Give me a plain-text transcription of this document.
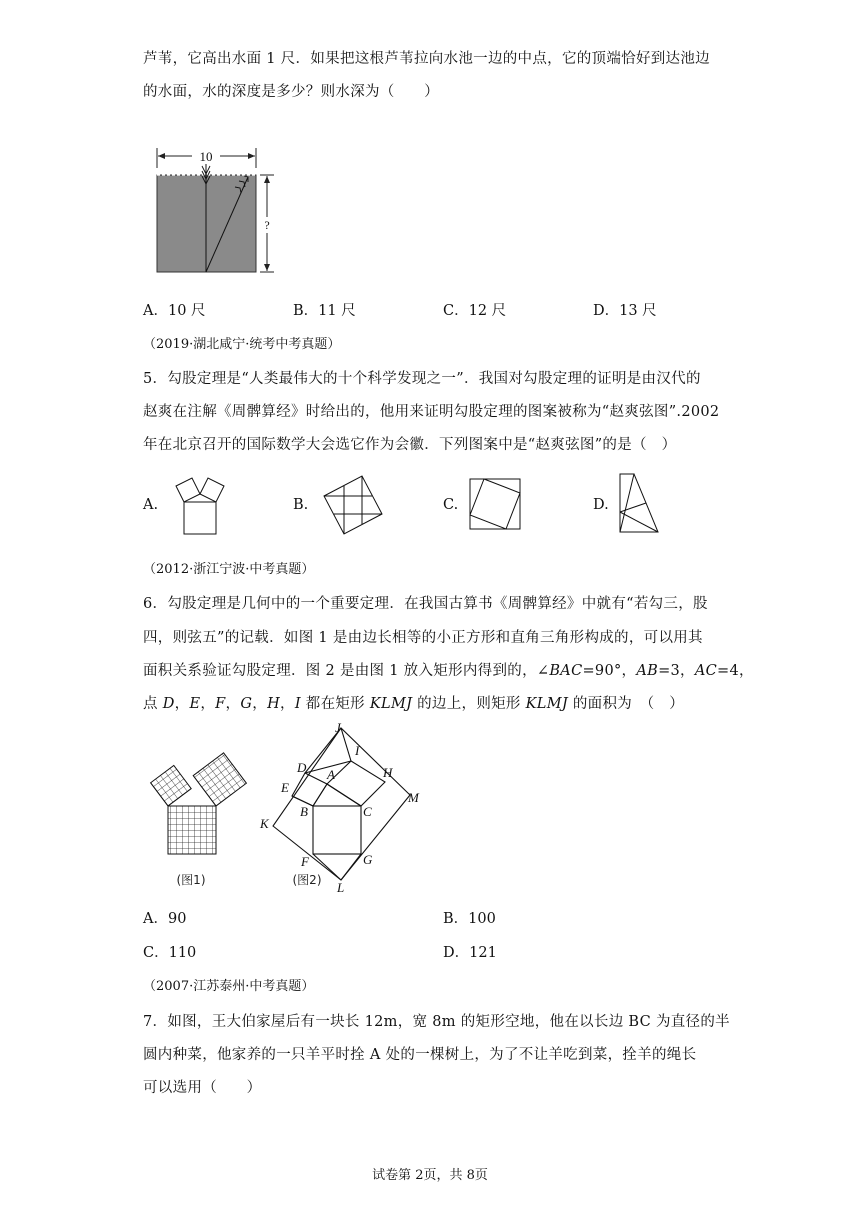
芦苇，它高出水面 1 尺．如果把这根芦苇拉向水池一边的中点，它的顶端恰好到达池边
的水面，水的深度是多少？则水深为（　　）
10
?
A．10 尺	B．11 尺	C．12 尺	D．13 尺
（2019·湖北咸宁·统考中考真题）
5．勾股定理是“人类最伟大的十个科学发现之一”．我国对勾股定理的证明是由汉代的
赵爽在注解《周髀算经》时给出的，他用来证明勾股定理的图案被称为“赵爽弦图”.2002
年在北京召开的国际数学大会选它作为会徽．下列图案中是“赵爽弦图”的是（　）
A.	B.	C.	D.
（2012·浙江宁波·中考真题）
6．勾股定理是几何中的一个重要定理．在我国古算书《周髀算经》中就有“若勾三，股
四，则弦五”的记载．如图 1 是由边长相等的小正方形和直角三角形构成的，可以用其
面积关系验证勾股定理．图 2 是由图 1 放入矩形内得到的，∠BAC=90°，AB=3，AC=4，
点 D，E，F，G，H，I 都在矩形 KLMJ 的边上，则矩形 KLMJ 的面积为　（　）
(图1)
J
I
D A	H
E
M
B	C
K
F	G
L
(图2)
A．90	B．100
C．110	D．121
（2007·江苏泰州·中考真题）
7．如图，王大伯家屋后有一块长 12m，宽 8m 的矩形空地，他在以长边 BC 为直径的半
圆内种菜，他家养的一只羊平时拴 A 处的一棵树上，为了不让羊吃到菜，拴羊的绳长
可以选用（　　）
试卷第 2页，共 8页
